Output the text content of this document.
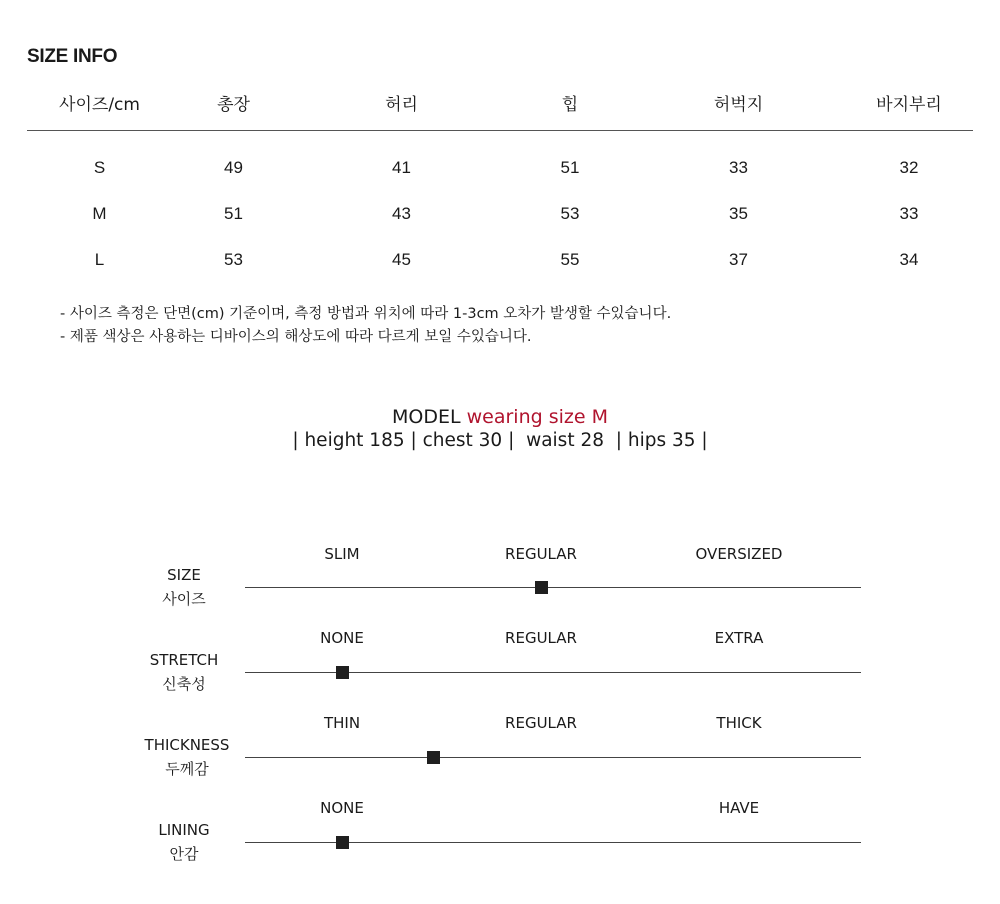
SIZE INFO
사이즈/cm	총장	허리	힙	허벅지	바지부리
S	49	41	51	33	32
M	51	43	53	35	33
L	53	45	55	37	34
- 사이즈 측정은 단면(cm) 기준이며, 측정 방법과 위치에 따라 1-3cm 오차가 발생할 수있습니다.
- 제품 색상은 사용하는 디바이스의 해상도에 따라 다르게 보일 수있습니다.
MODEL wearing size M
| height 185 | chest 30 |  waist 28  | hips 35 |
SIZE
사이즈
SLIM	REGULAR	OVERSIZED
STRETCH
신축성
NONE	REGULAR	EXTRA
THICKNESS
두께감
THIN	REGULAR	THICK
LINING
안감
NONE	HAVE
